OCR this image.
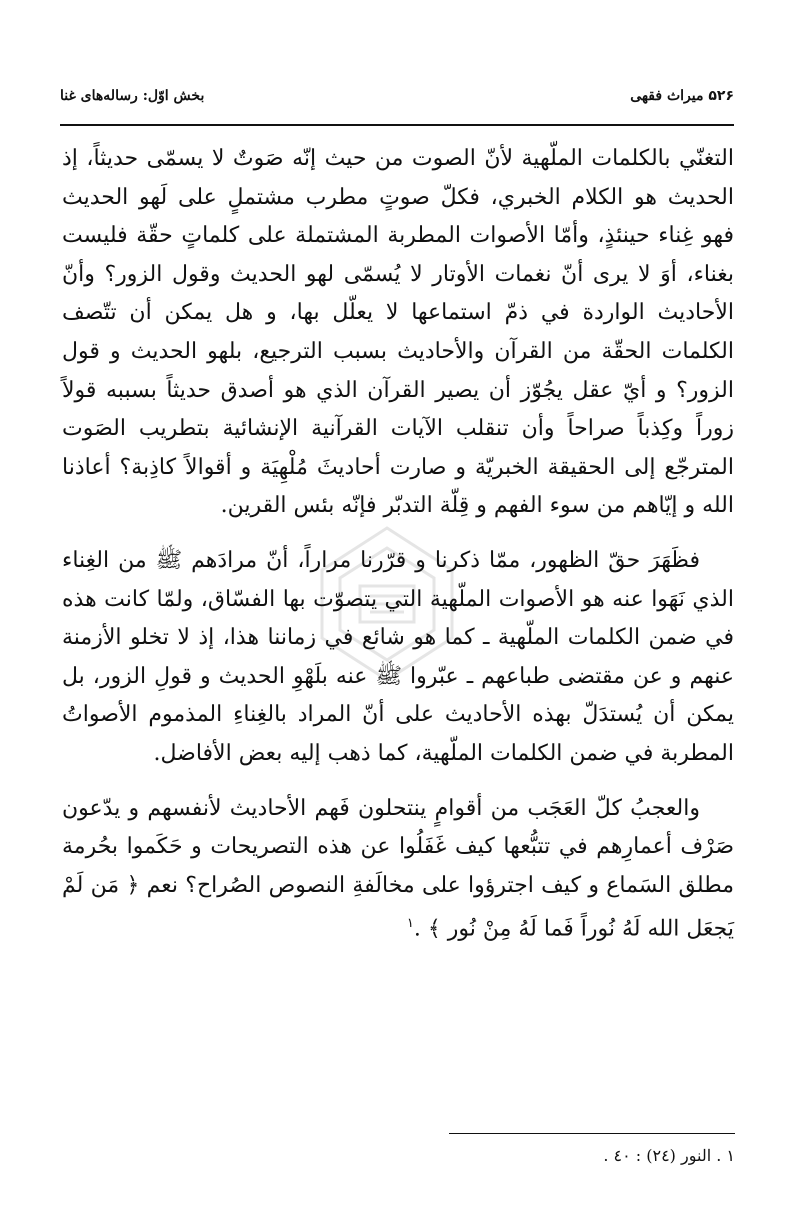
۵۲۶ میراث فقهی
بخش اوّل: رساله‌های غنا

التغنّي بالكلمات الملّهية لأنّ الصوت من حيث إنّه صَوتٌ لا يسمّى حديثاً، إذ الحديث هو الكلام الخبري، فكلّ صوتٍ مطرب مشتملٍ على لَهو الحديث فهو غِناء حينئذٍ، وأمّا الأصوات المطربة المشتملة على كلماتٍ حقّة فليست بغناء، أوَ لا يرى أنّ نغمات الأوتار لا يُسمّى لهو الحديث وقول الزور؟ وأنّ الأحاديث الواردة في ذمّ استماعها لا يعلّل بها، و هل يمكن أن تتّصف الكلمات الحقّة من القرآن والأحاديث بسبب الترجيع، بلهو الحديث و قول الزور؟ و أيّ عقل يجُوّز أن يصير القرآن الذي هو أصدق حديثاً بسببه قولاً زوراً وكِذباً صراحاً وأن تنقلب الآيات القرآنية الإنشائية بتطريب الصَوت المترجّع إلى الحقيقة الخبريّة و صارت أحاديثَ مُلْهِيَة و أقوالاً كاذِبة؟ أعاذنا الله و إيّاهم من سوء الفهم و قِلّة التدبّر فإنّه بئس القرين.

فظَهَرَ حقّ الظهور، ممّا ذكرنا و قرّرنا مراراً، أنّ مرادَهم ﷺ من الغِناء الذي نَهَوا عنه هو الأصوات الملّهية التي يتصوّت بها الفسّاق، ولمّا كانت هذه في ضمن الكلمات الملّهية ـ كما هو شائع في زماننا هذا، إذ لا تخلو الأزمنة عنهم و عن مقتضى طباعهم ـ عبّروا ﷺ عنه بلَهْوِ الحديث و قولِ الزور، بل يمكن أن يُستدَلّ بهذه الأحاديث على أنّ المراد بالغِناءِ المذموم الأصواتُ المطربة في ضمن الكلمات الملّهية، كما ذهب إليه بعض الأفاضل.

والعجبُ كلّ العَجَب من أقوامٍ ينتحلون فَهم الأحاديث لأنفسهم و يدّعون صَرْف أعمارِهم في تتبُّعها كيف غَفَلُوا عن هذه التصريحات و حَكَموا بحُرمة مطلق السَماع و كيف اجترؤوا على مخالَفةِ النصوص الصُراح؟ نعم ﴿ مَن لَمْ يَجعَل الله لَهُ نُوراً فَما لَهُ مِنْ نُور ﴾ .$^١$

١ . النور (٢٤) : ٤٠ .
